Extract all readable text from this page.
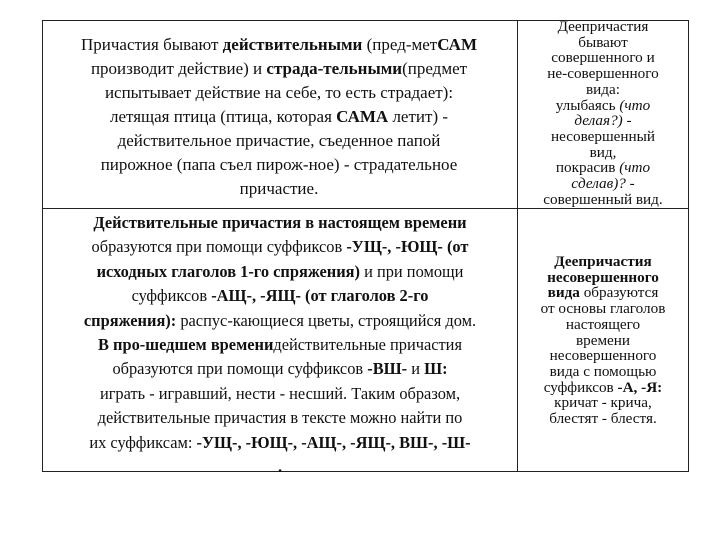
Причастия бывают действительными (пред-метСАМ
производит действие) и страда-тельными(предмет
испытывает действие на себе, то есть страдает):
летящая птица (птица, которая САМА летит) -
действительное причастие, съеденное папой
пирожное (папа съел пирож-ное) - страдательное
причастие.
Действительные причастия в настоящем времени
образуются при помощи суффиксов -УЩ-, -ЮЩ- (от
исходных глаголов 1-го спряжения) и при помощи
суффиксов -АЩ-, -ЯЩ- (от глаголов 2-го
спряжения): распус-кающиеся цветы, строящийся дом.
В про-шедшем временидействительные причастия
образуются при помощи суффиксов -ВШ- и Ш:
играть - игравший, нести - несший. Таким образом,
действительные причастия в тексте можно найти по
их суффиксам: -УЩ-, -ЮЩ-, -АЩ-, -ЯЩ-, ВШ-, -Ш-
.
Деепричастия
бывают
совершенного и
не-совершенного
вида:
улыбаясь (что
делая?) -
несовершенный
вид,
покрасив (что
сделав)? -
совершенный вид.
Деепричастия
несовершенного
вида образуются
от основы глаголов
настоящего
времени
несовершенного
вида с помощью
суффиксов -А, -Я:
кричат - крича,
блестят - блестя.
